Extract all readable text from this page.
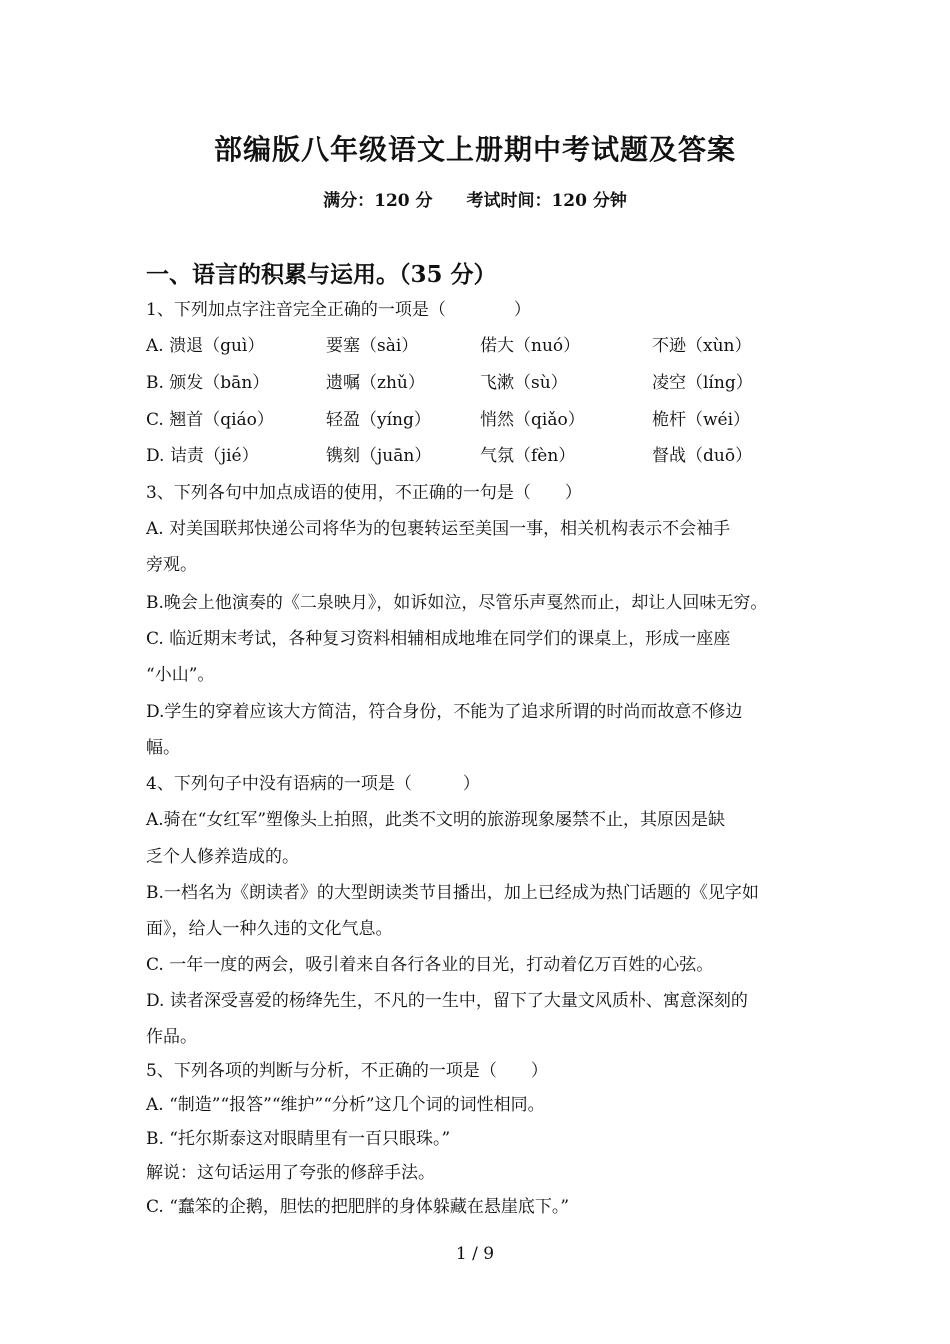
部编版八年级语文上册期中考试题及答案
满分：120 分 考试时间：120 分钟
一、语言的积累与运用。（35 分）
1、下列加点字注音完全正确的一项是（　　　　）
A. 溃退（guì）	要塞（sài）	偌大（nuó）	不逊（xùn）
B. 颁发（bān）	遗嘱（zhǔ）	飞漱（sù）	凌空（líng）
C. 翘首（qiáo）	轻盈（yíng）	悄然（qiǎo）	桅杆（wéi）
D. 诘责（jié）	镌刻（juān）	气氛（fèn）	督战（duō）
3、下列各句中加点成语的使用，不正确的一句是（　　）
A. 对美国联邦快递公司将华为的包裹转运至美国一事，相关机构表示不会袖手
旁观。
B.晚会上他演奏的《二泉映月》，如诉如泣，尽管乐声戛然而止，却让人回味无穷。
C. 临近期末考试，各种复习资料相辅相成地堆在同学们的课桌上，形成一座座
“小山”。
D.学生的穿着应该大方简洁，符合身份，不能为了追求所谓的时尚而故意不修边
幅。
4、下列句子中没有语病的一项是（　　　）
A.骑在“女红军”塑像头上拍照，此类不文明的旅游现象屡禁不止，其原因是缺
乏个人修养造成的。
B.一档名为《朗读者》的大型朗读类节目播出，加上已经成为热门话题的《见字如
面》，给人一种久违的文化气息。
C. 一年一度的两会，吸引着来自各行各业的目光，打动着亿万百姓的心弦。
D. 读者深受喜爱的杨绛先生，不凡的一生中，留下了大量文风质朴、寓意深刻的
作品。
5、下列各项的判断与分析，不正确的一项是（　　）
A. “制造”“报答”“维护”“分析”这几个词的词性相同。
B. “托尔斯泰这对眼睛里有一百只眼珠。”
解说：这句话运用了夸张的修辞手法。
C. “蠢笨的企鹅，胆怯的把肥胖的身体躲藏在悬崖底下。”
1 / 9
